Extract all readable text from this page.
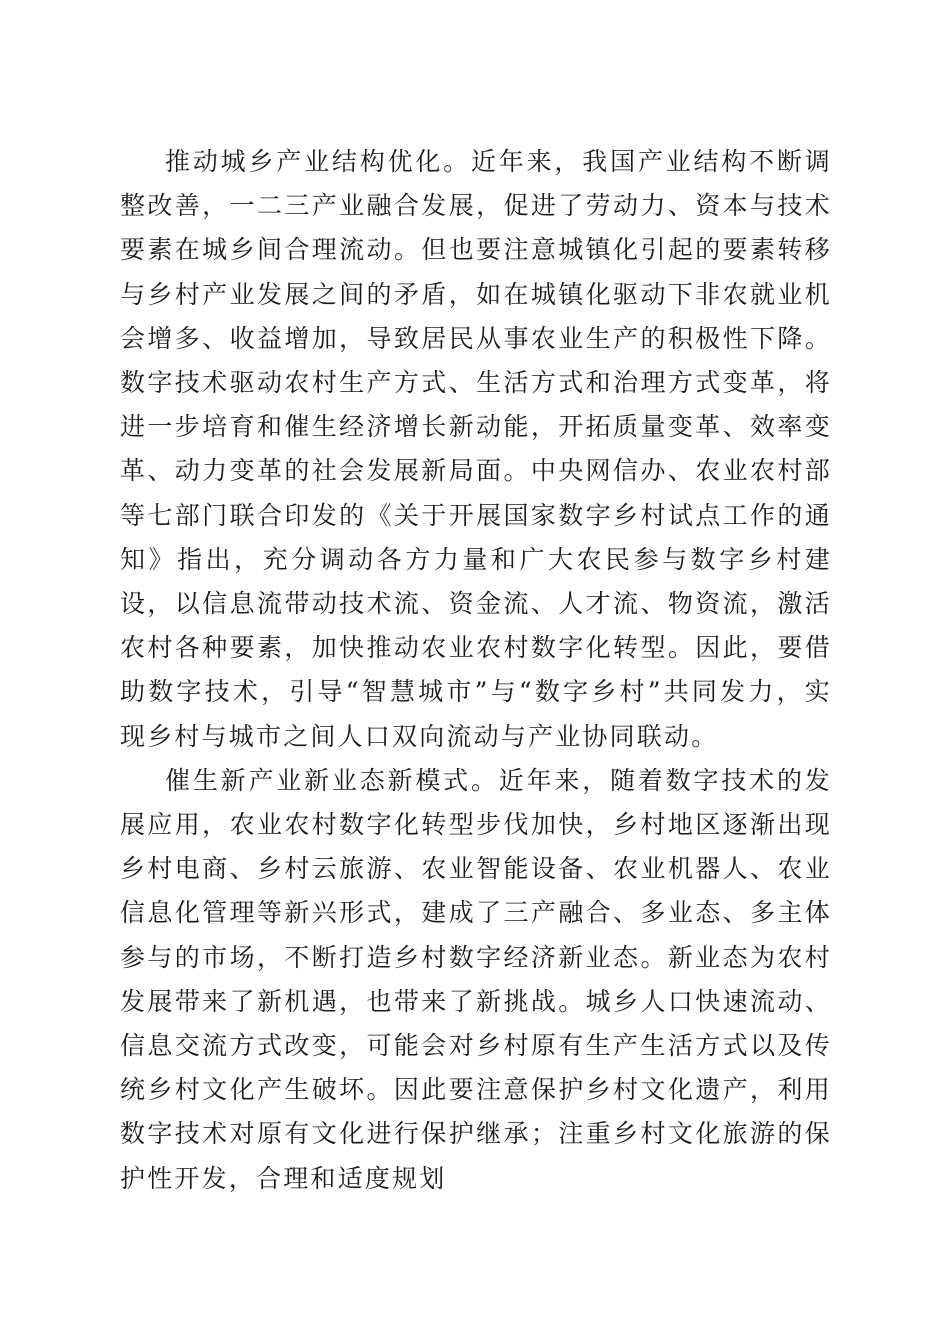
推动城乡产业结构优化。近年来，我国产业结构不断调整改善，一二三产业融合发展，促进了劳动力、资本与技术要素在城乡间合理流动。但也要注意城镇化引起的要素转移与乡村产业发展之间的矛盾，如在城镇化驱动下非农就业机会增多、收益增加，导致居民从事农业生产的积极性下降。数字技术驱动农村生产方式、生活方式和治理方式变革，将进一步培育和催生经济增长新动能，开拓质量变革、效率变革、动力变革的社会发展新局面。中央网信办、农业农村部等七部门联合印发的《关于开展国家数字乡村试点工作的通知》指出，充分调动各方力量和广大农民参与数字乡村建设，以信息流带动技术流、资金流、人才流、物资流，激活农村各种要素，加快推动农业农村数字化转型。因此，要借助数字技术，引导“智慧城市”与“数字乡村”共同发力，实现乡村与城市之间人口双向流动与产业协同联动。

催生新产业新业态新模式。近年来，随着数字技术的发展应用，农业农村数字化转型步伐加快，乡村地区逐渐出现乡村电商、乡村云旅游、农业智能设备、农业机器人、农业信息化管理等新兴形式，建成了三产融合、多业态、多主体参与的市场，不断打造乡村数字经济新业态。新业态为农村发展带来了新机遇，也带来了新挑战。城乡人口快速流动、信息交流方式改变，可能会对乡村原有生产生活方式以及传统乡村文化产生破坏。因此要注意保护乡村文化遗产，利用数字技术对原有文化进行保护继承；注重乡村文化旅游的保护性开发，合理和适度规划
